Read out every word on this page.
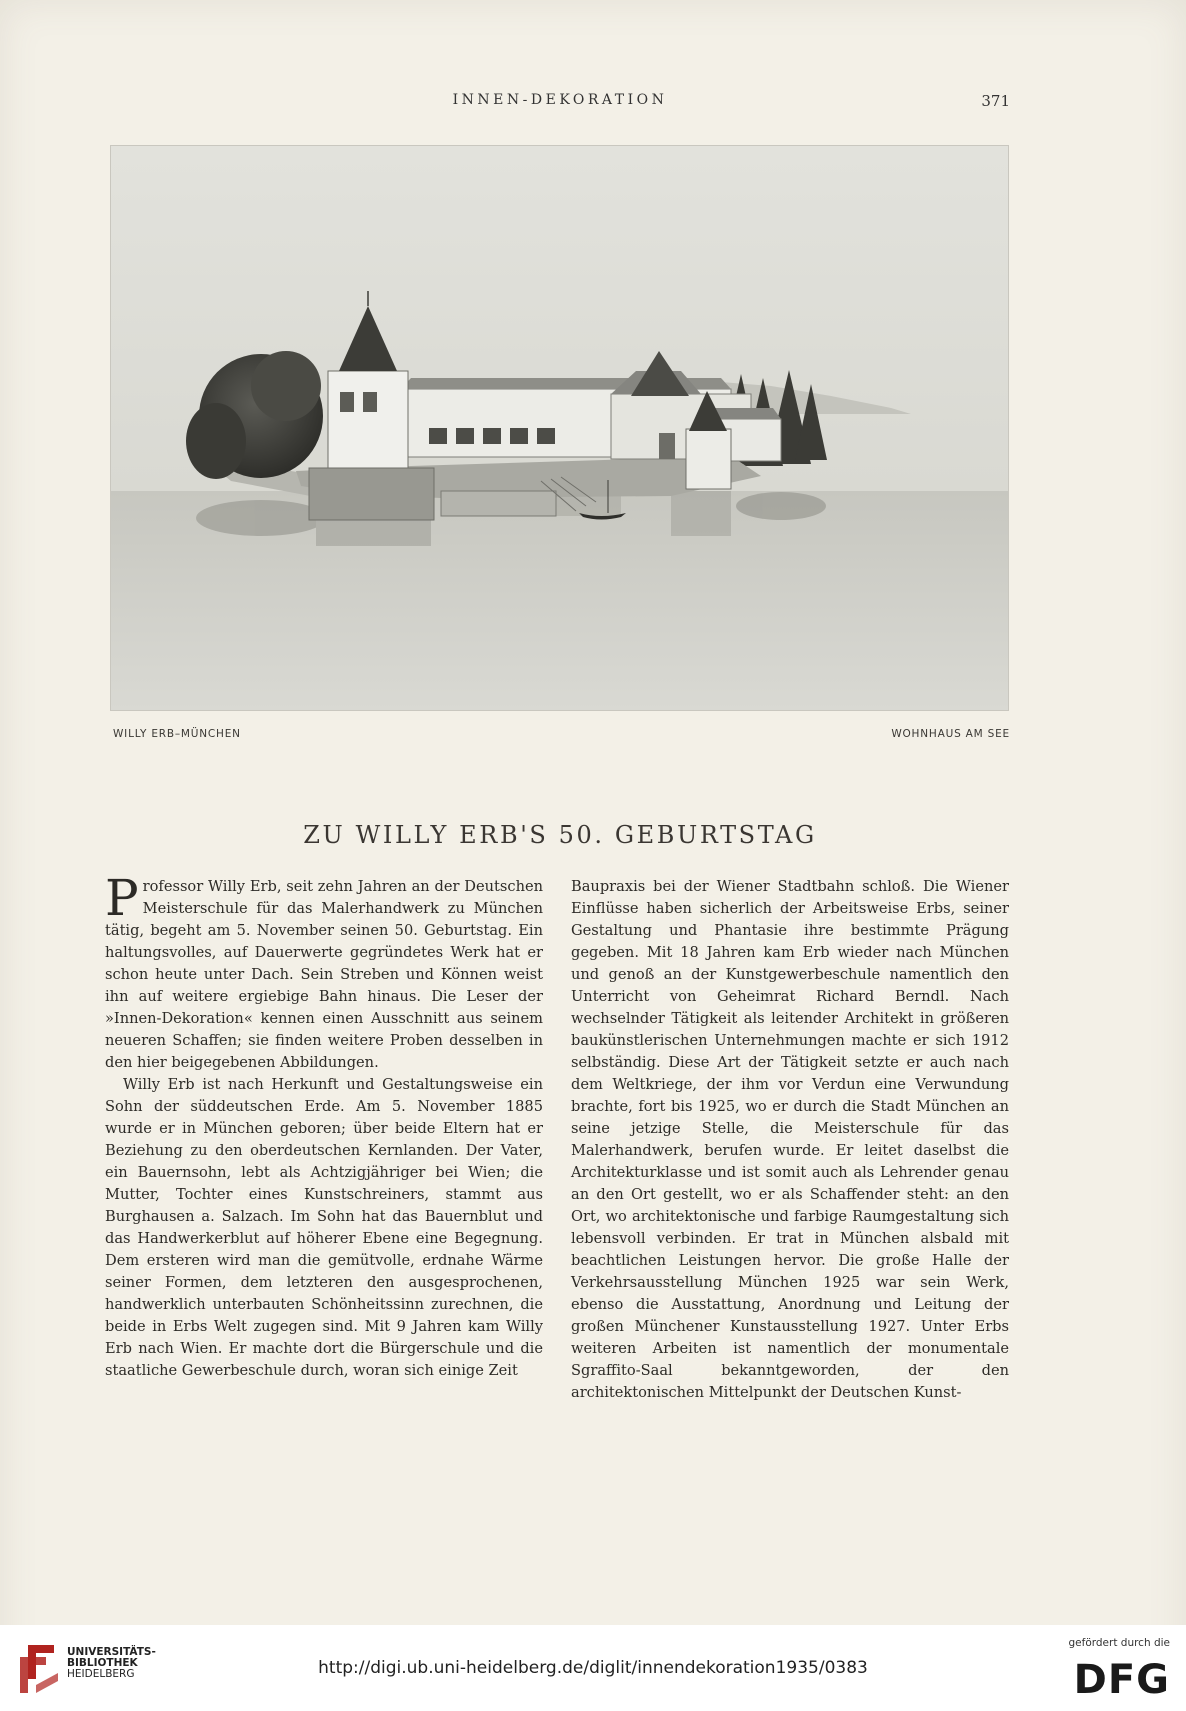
INNEN-DEKORATION	371
WILLY ERB–MÜNCHEN	WOHNHAUS AM SEE
ZU WILLY ERB'S 50. GEBURTSTAG

Professor Willy Erb, seit zehn Jahren an der Deutschen Meisterschule für das Malerhandwerk zu München tätig, begeht am 5. November seinen 50. Geburtstag. Ein haltungsvolles, auf Dauerwerte gegründetes Werk hat er schon heute unter Dach. Sein Streben und Können weist ihn auf weitere ergiebige Bahn hinaus. Die Leser der »Innen-Dekoration« kennen einen Ausschnitt aus seinem neueren Schaffen; sie finden weitere Proben desselben in den hier beigegebenen Abbildungen.

Willy Erb ist nach Herkunft und Gestaltungsweise ein Sohn der süddeutschen Erde. Am 5. November 1885 wurde er in München geboren; über beide Eltern hat er Beziehung zu den oberdeutschen Kernlanden. Der Vater, ein Bauernsohn, lebt als Achtzigjähriger bei Wien; die Mutter, Tochter eines Kunstschreiners, stammt aus Burghausen a. Salzach. Im Sohn hat das Bauernblut und das Handwerkerblut auf höherer Ebene eine Begegnung. Dem ersteren wird man die gemütvolle, erdnahe Wärme seiner Formen, dem letzteren den ausgesprochenen, handwerklich unterbauten Schönheitssinn zurechnen, die beide in Erbs Welt zugegen sind. Mit 9 Jahren kam Willy Erb nach Wien. Er machte dort die Bürgerschule und die staatliche Gewerbeschule durch, woran sich einige Zeit

Baupraxis bei der Wiener Stadtbahn schloß. Die Wiener Einflüsse haben sicherlich der Arbeitsweise Erbs, seiner Gestaltung und Phantasie ihre bestimmte Prägung gegeben. Mit 18 Jahren kam Erb wieder nach München und genoß an der Kunstgewerbeschule namentlich den Unterricht von Geheimrat Richard Berndl. Nach wechselnder Tätigkeit als leitender Architekt in größeren baukünstlerischen Unternehmungen machte er sich 1912 selbständig. Diese Art der Tätigkeit setzte er auch nach dem Weltkriege, der ihm vor Verdun eine Verwundung brachte, fort bis 1925, wo er durch die Stadt München an seine jetzige Stelle, die Meisterschule für das Malerhandwerk, berufen wurde. Er leitet daselbst die Architekturklasse und ist somit auch als Lehrender genau an den Ort gestellt, wo er als Schaffender steht: an den Ort, wo architektonische und farbige Raumgestaltung sich lebensvoll verbinden. Er trat in München alsbald mit beachtlichen Leistungen hervor. Die große Halle der Verkehrsausstellung München 1925 war sein Werk, ebenso die Ausstattung, Anordnung und Leitung der großen Münchener Kunstausstellung 1927. Unter Erbs weiteren Arbeiten ist namentlich der monumentale Sgraffito-Saal bekanntgeworden, der den architektonischen Mittelpunkt der Deutschen Kunst-

UNIVERSITÄTS-
BIBLIOTHEK
HEIDELBERG	http://digi.ub.uni-heidelberg.de/diglit/innendekoration1935/0383
gefördert durch die
DFG
